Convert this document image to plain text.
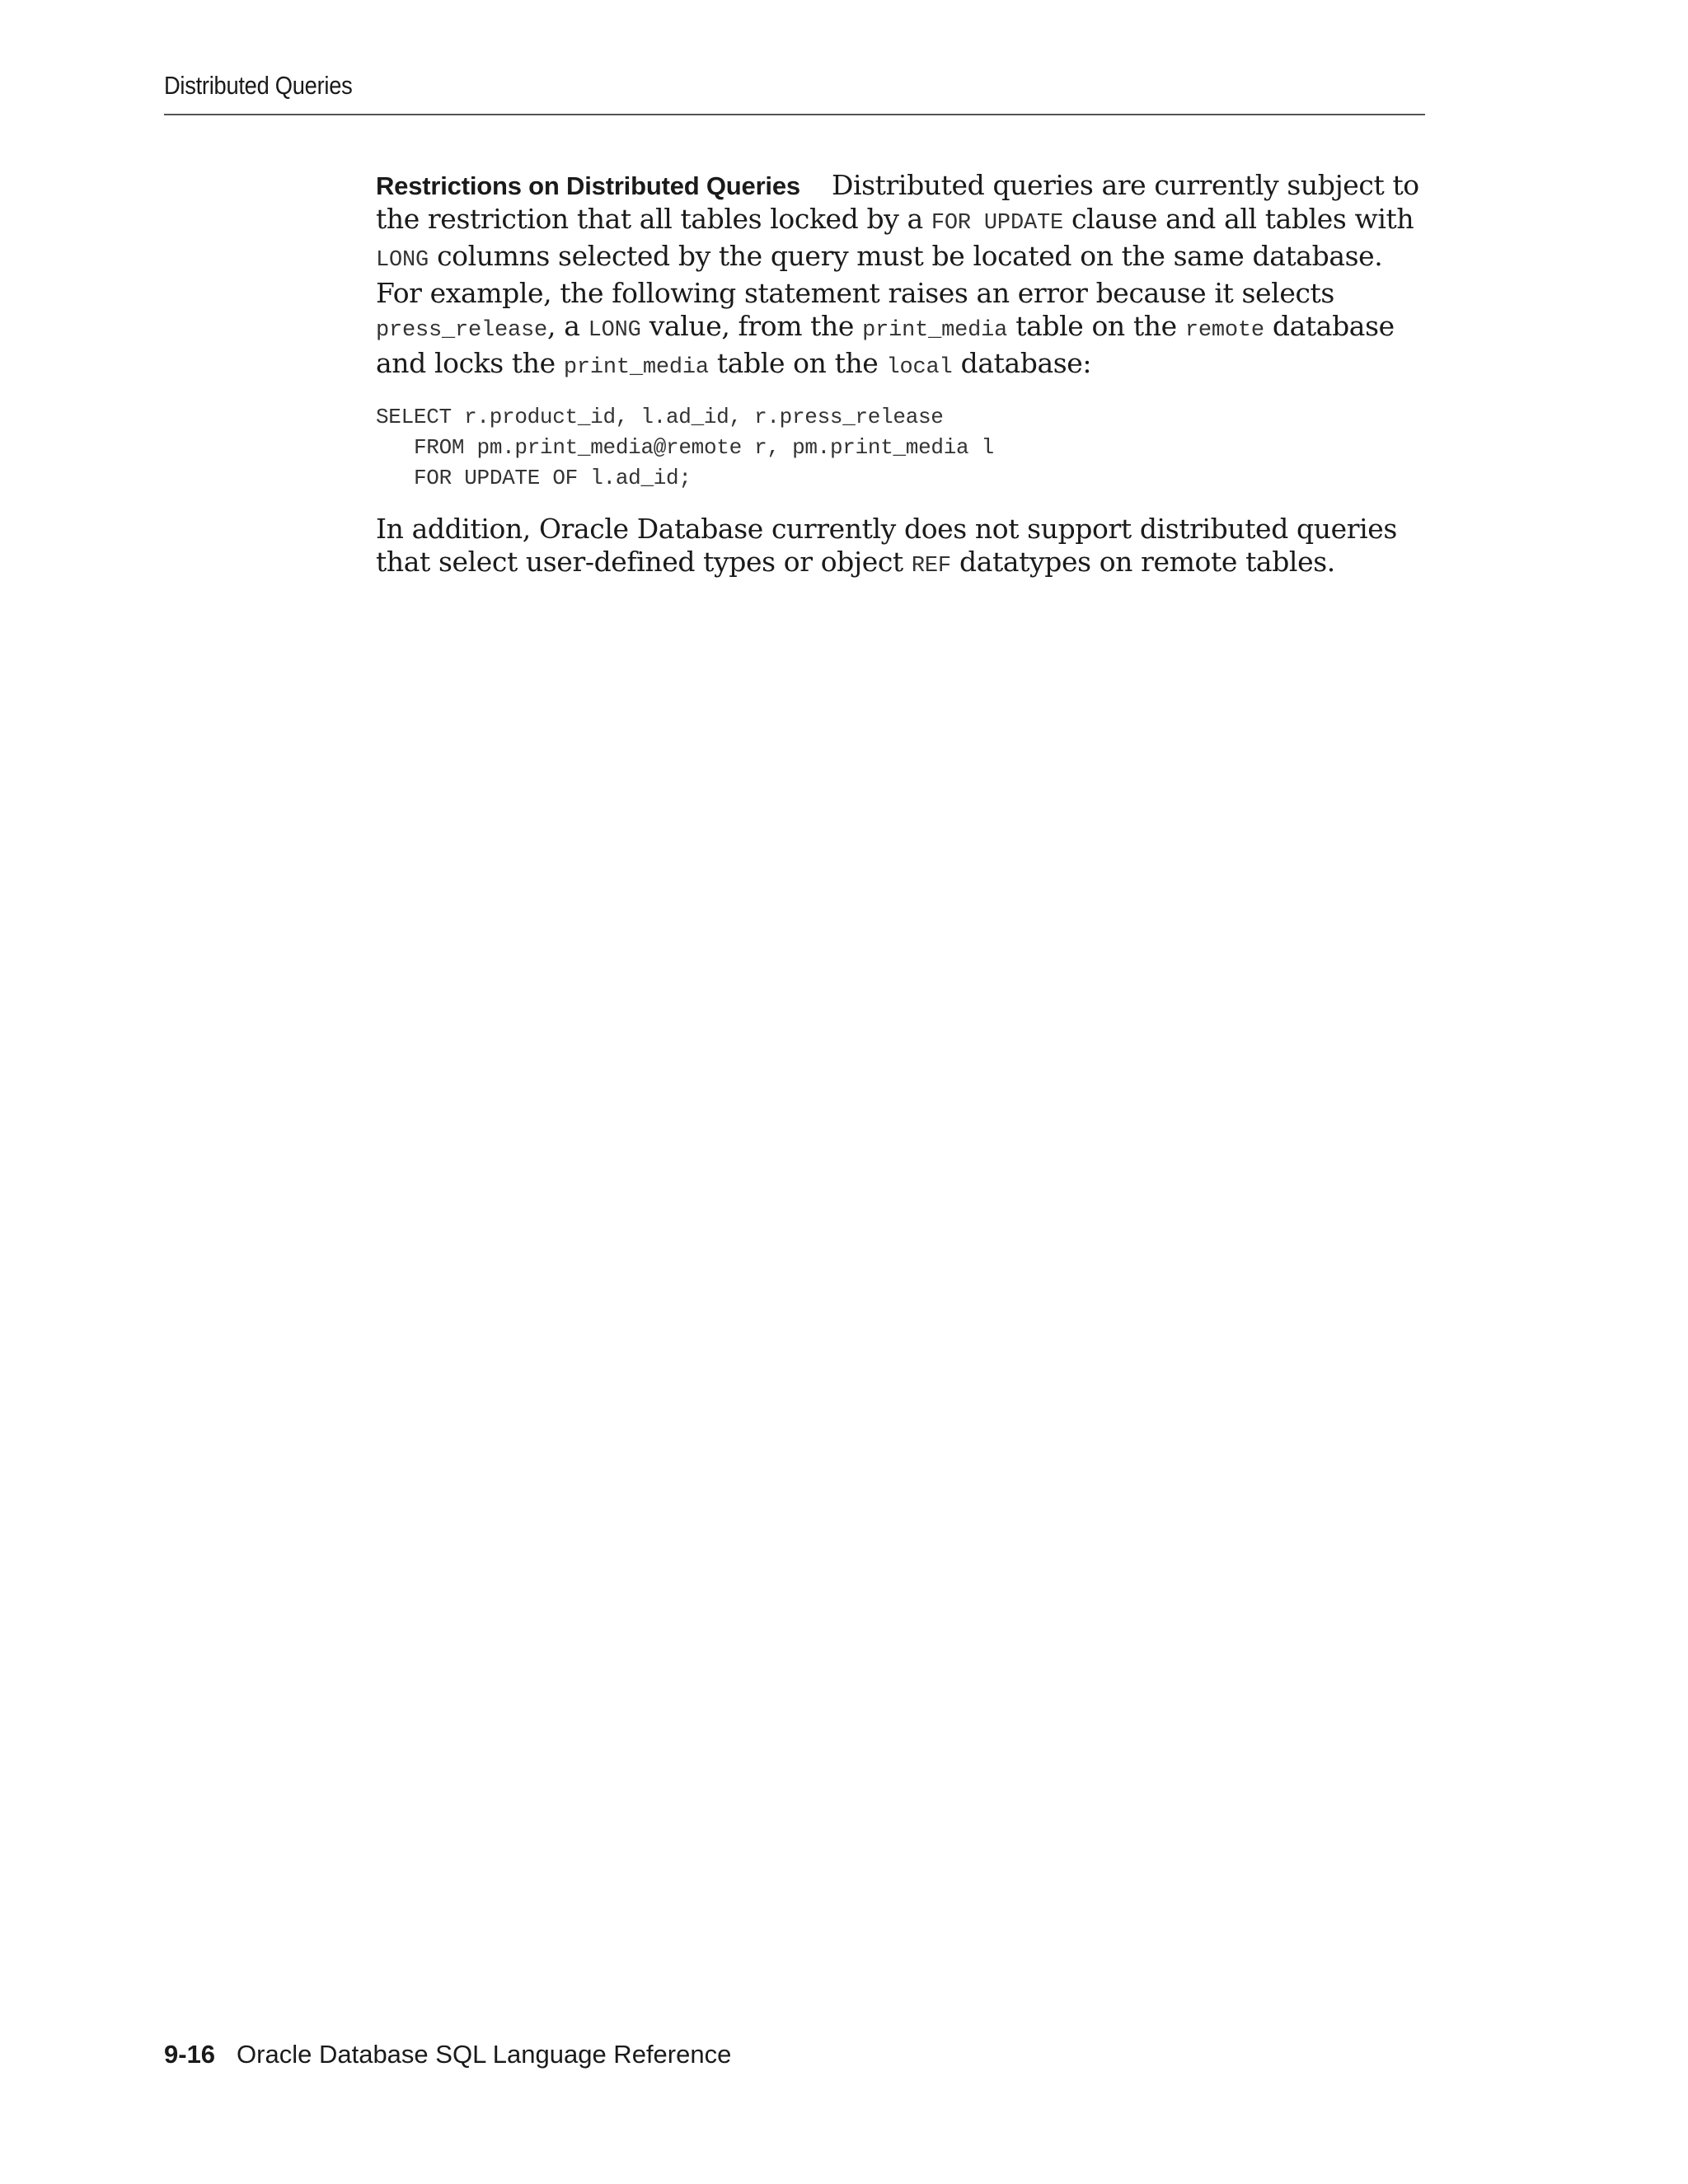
Distributed Queries

Restrictions on Distributed Queries Distributed queries are currently subject to the restriction that all tables locked by a FOR UPDATE clause and all tables with LONG columns selected by the query must be located on the same database. For example, the following statement raises an error because it selects press_release, a LONG value, from the print_media table on the remote database and locks the print_media table on the local database:

SELECT r.product_id, l.ad_id, r.press_release
FROM pm.print_media@remote r, pm.print_media l
FOR UPDATE OF l.ad_id;

In addition, Oracle Database currently does not support distributed queries that select user-defined types or object REF datatypes on remote tables.

9-16 Oracle Database SQL Language Reference
